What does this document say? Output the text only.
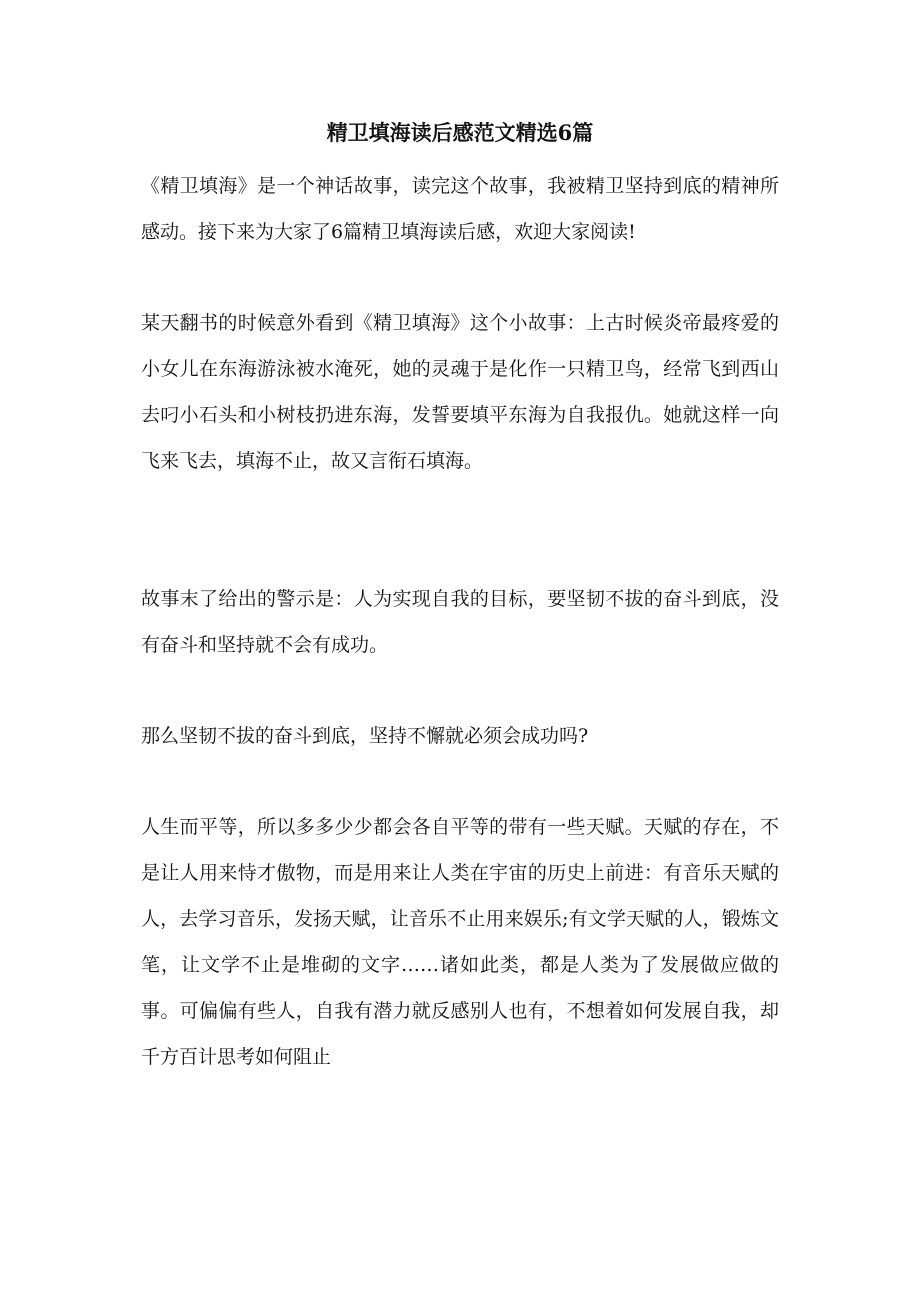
精卫填海读后感范文精选6篇

《精卫填海》是一个神话故事，读完这个故事，我被精卫坚持到底的精神所感动。接下来为大家了6篇精卫填海读后感，欢迎大家阅读!

某天翻书的时候意外看到《精卫填海》这个小故事：上古时候炎帝最疼爱的小女儿在东海游泳被水淹死，她的灵魂于是化作一只精卫鸟，经常飞到西山去叼小石头和小树枝扔进东海，发誓要填平东海为自我报仇。她就这样一向飞来飞去，填海不止，故又言衔石填海。

故事末了给出的警示是：人为实现自我的目标，要坚韧不拔的奋斗到底，没有奋斗和坚持就不会有成功。

那么坚韧不拔的奋斗到底，坚持不懈就必须会成功吗?

人生而平等，所以多多少少都会各自平等的带有一些天赋。天赋的存在，不是让人用来恃才傲物，而是用来让人类在宇宙的历史上前进：有音乐天赋的人，去学习音乐，发扬天赋，让音乐不止用来娱乐;有文学天赋的人，锻炼文笔，让文学不止是堆砌的文字……诸如此类，都是人类为了发展做应做的事。可偏偏有些人，自我有潜力就反感别人也有，不想着如何发展自我，却千方百计思考如何阻止
